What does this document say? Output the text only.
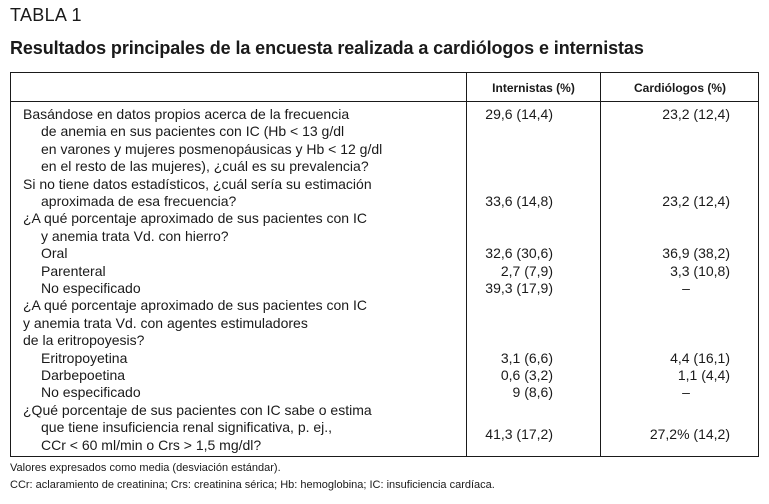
TABLA 1
Resultados principales de la encuesta realizada a cardiólogos e internistas
Internistas (%)	Cardiólogos (%)
Basándose en datos propios acerca de la frecuencia	29,6 (14,4)	23,2 (12,4)
de anemia en sus pacientes con IC (Hb < 13 g/dl
en varones y mujeres posmenopáusicas y Hb < 12 g/dl
en el resto de las mujeres), ¿cuál es su prevalencia?
Si no tiene datos estadísticos, ¿cuál sería su estimación
aproximada de esa frecuencia?	33,6 (14,8)	23,2 (12,4)
¿A qué porcentaje aproximado de sus pacientes con IC
y anemia trata Vd. con hierro?
Oral	32,6 (30,6)	36,9 (38,2)
Parenteral	2,7 (7,9)	3,3 (10,8)
No especificado	39,3 (17,9)	–
¿A qué porcentaje aproximado de sus pacientes con IC
y anemia trata Vd. con agentes estimuladores
de la eritropoyesis?
Eritropoyetina	3,1 (6,6)	4,4 (16,1)
Darbepoetina	0,6 (3,2)	1,1 (4,4)
No especificado	9 (8,6)	–
¿Qué porcentaje de sus pacientes con IC sabe o estima
que tiene insuficiencia renal significativa, p. ej.,
CCr < 60 ml/min o Crs > 1,5 mg/dl?
41,3 (17,2)	27,2% (14,2)
Valores expresados como media (desviación estándar).
CCr: aclaramiento de creatinina; Crs: creatinina sérica; Hb: hemoglobina; IC: insuficiencia cardíaca.
